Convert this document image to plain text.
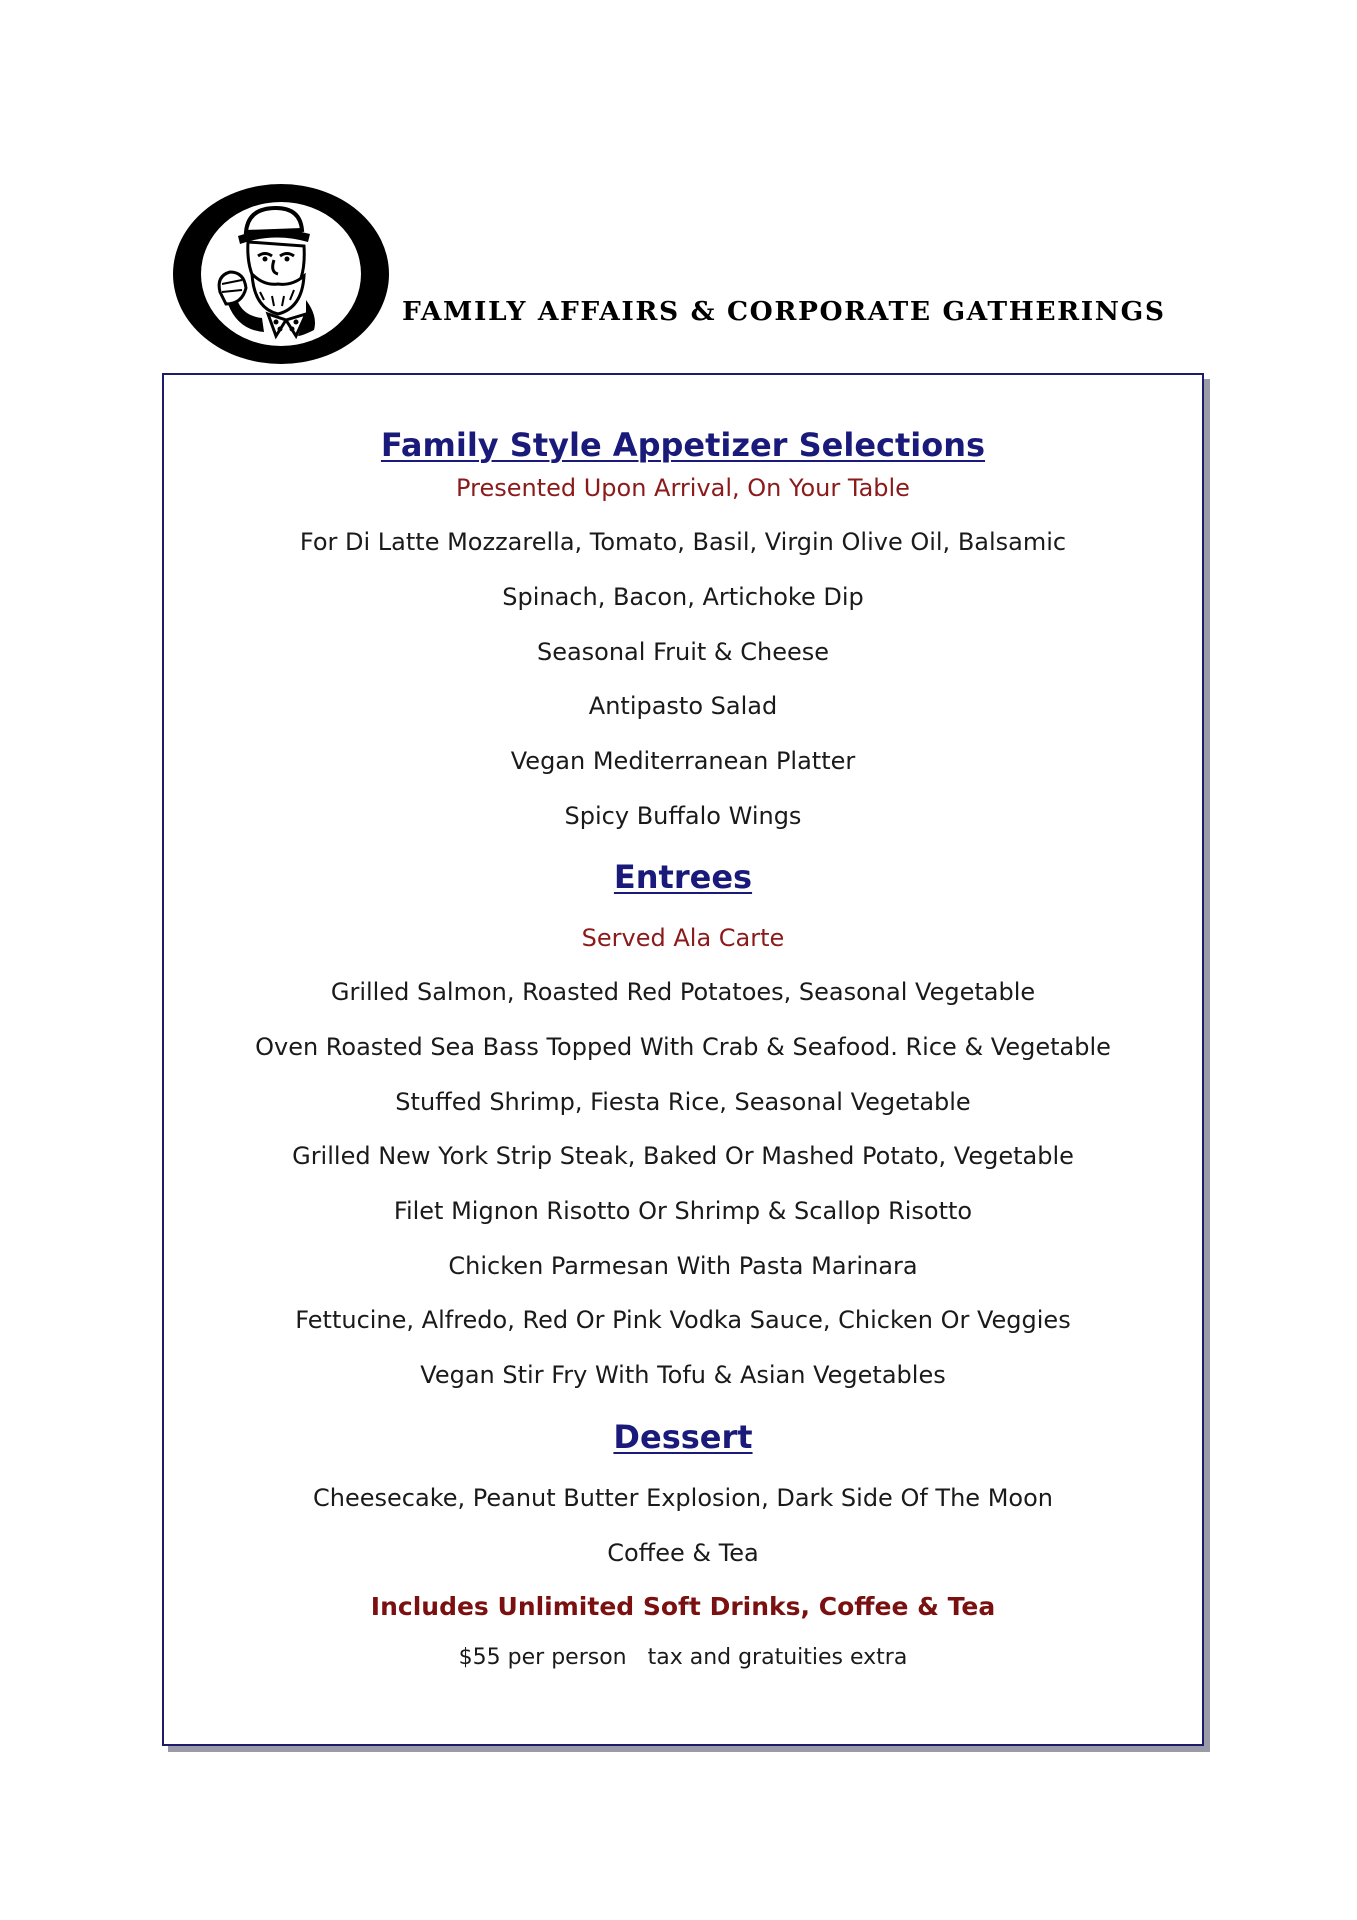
FAMILY AFFAIRS & CORPORATE GATHERINGS
Family Style Appetizer Selections
Presented Upon Arrival, On Your Table
For Di Latte Mozzarella, Tomato, Basil, Virgin Olive Oil, Balsamic
Spinach, Bacon, Artichoke Dip
Seasonal Fruit & Cheese
Antipasto Salad
Vegan Mediterranean Platter
Spicy Buffalo Wings
Entrees
Served Ala Carte
Grilled Salmon, Roasted Red Potatoes, Seasonal Vegetable
Oven Roasted Sea Bass Topped With Crab & Seafood. Rice & Vegetable
Stuffed Shrimp, Fiesta Rice, Seasonal Vegetable
Grilled New York Strip Steak, Baked Or Mashed Potato, Vegetable
Filet Mignon Risotto Or Shrimp & Scallop Risotto
Chicken Parmesan With Pasta Marinara
Fettucine, Alfredo, Red Or Pink Vodka Sauce, Chicken Or Veggies
Vegan Stir Fry With Tofu & Asian Vegetables
Dessert
Cheesecake, Peanut Butter Explosion, Dark Side Of The Moon
Coffee & Tea
Includes Unlimited Soft Drinks, Coffee & Tea
$55 per person tax and gratuities extra
